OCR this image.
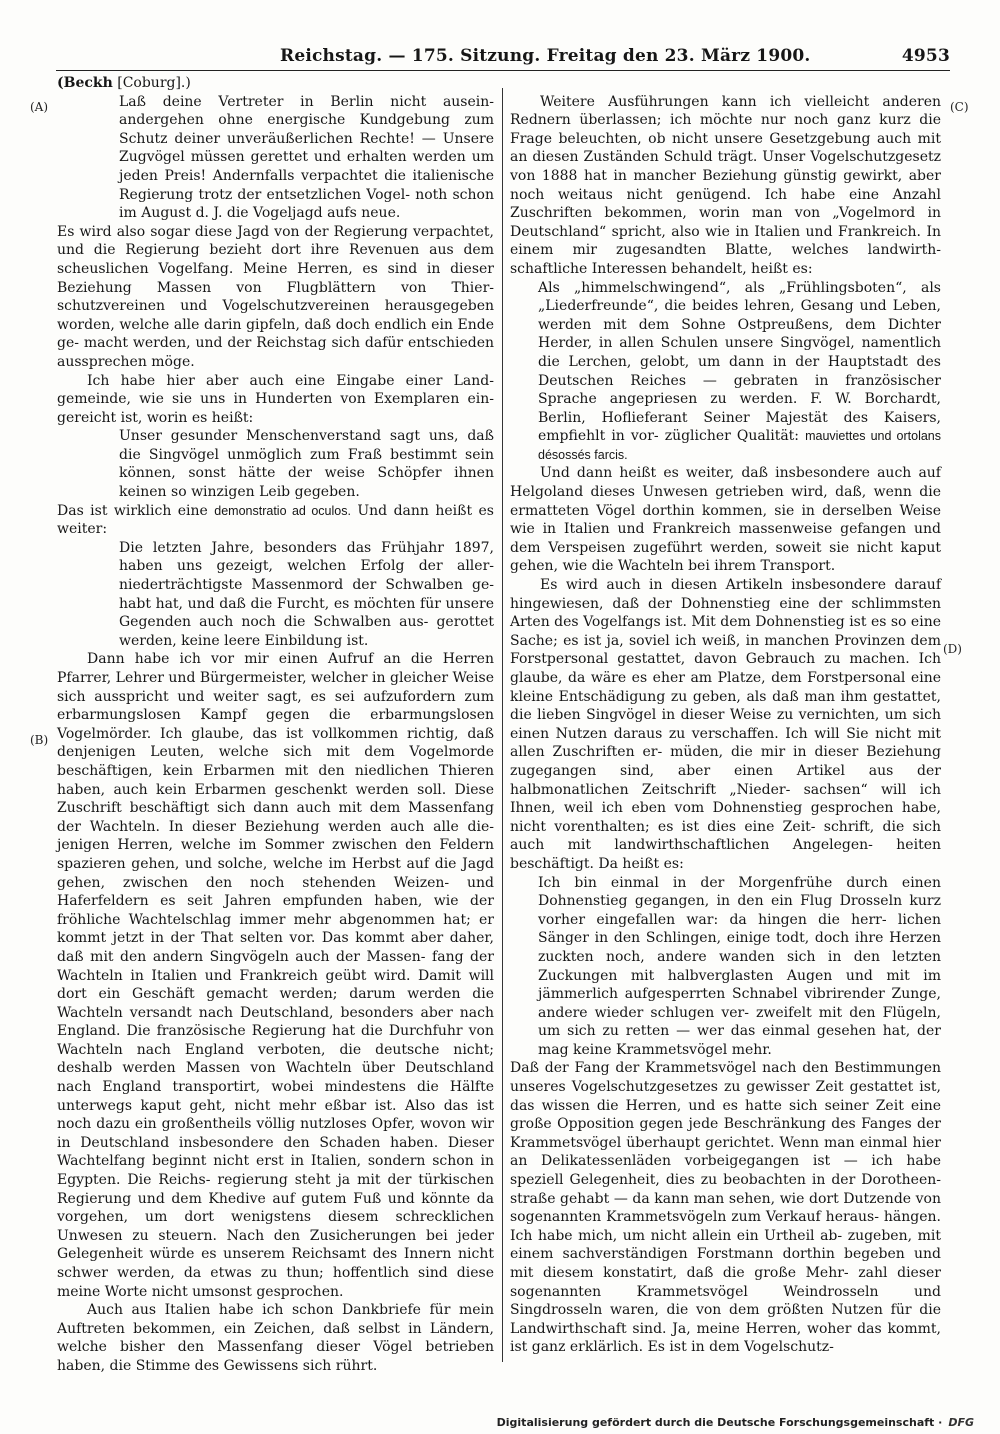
Reichstag. — 175. Sitzung. Freitag den 23. März 1900.	4953
(A)
(B)
(C)
(D)

(Beckh [Coburg].)

Laß deine Vertreter in Berlin nicht ausein- andergehen ohne energische Kundgebung zum Schutz deiner unveräußerlichen Rechte! — Unsere Zugvögel müssen gerettet und erhalten werden um jeden Preis! Andernfalls verpachtet die italienische Regierung trotz der entsetzlichen Vogel- noth schon im August d. J. die Vogeljagd aufs neue.

Es wird also sogar diese Jagd von der Regierung verpachtet, und die Regierung bezieht dort ihre Revenuen aus dem scheuslichen Vogelfang. Meine Herren, es sind in dieser Beziehung Massen von Flugblättern von Thier- schutzvereinen und Vogelschutzvereinen herausgegeben worden, welche alle darin gipfeln, daß doch endlich ein Ende ge- macht werden, und der Reichstag sich dafür entschieden aussprechen möge.

Ich habe hier aber auch eine Eingabe einer Land- gemeinde, wie sie uns in Hunderten von Exemplaren ein- gereicht ist, worin es heißt:

Unser gesunder Menschenverstand sagt uns, daß die Singvögel unmöglich zum Fraß bestimmt sein können, sonst hätte der weise Schöpfer ihnen keinen so winzigen Leib gegeben.

Das ist wirklich eine demonstratio ad oculos. Und dann heißt es weiter:

Die letzten Jahre, besonders das Frühjahr 1897, haben uns gezeigt, welchen Erfolg der aller- niederträchtigste Massenmord der Schwalben ge- habt hat, und daß die Furcht, es möchten für unsere Gegenden auch noch die Schwalben aus- gerottet werden, keine leere Einbildung ist.

Dann habe ich vor mir einen Aufruf an die Herren Pfarrer, Lehrer und Bürgermeister, welcher in gleicher Weise sich ausspricht und weiter sagt, es sei aufzufordern zum erbarmungslosen Kampf gegen die erbarmungslosen Vogelmörder. Ich glaube, das ist vollkommen richtig, daß denjenigen Leuten, welche sich mit dem Vogelmorde beschäftigen, kein Erbarmen mit den niedlichen Thieren haben, auch kein Erbarmen geschenkt werden soll. Diese Zuschrift beschäftigt sich dann auch mit dem Massenfang der Wachteln. In dieser Beziehung werden auch alle die- jenigen Herren, welche im Sommer zwischen den Feldern spazieren gehen, und solche, welche im Herbst auf die Jagd gehen, zwischen den noch stehenden Weizen- und Haferfeldern es seit Jahren empfunden haben, wie der fröhliche Wachtelschlag immer mehr abgenommen hat; er kommt jetzt in der That selten vor. Das kommt aber daher, daß mit den andern Singvögeln auch der Massen- fang der Wachteln in Italien und Frankreich geübt wird. Damit will dort ein Geschäft gemacht werden; darum werden die Wachteln versandt nach Deutschland, besonders aber nach England. Die französische Regierung hat die Durchfuhr von Wachteln nach England verboten, die deutsche nicht; deshalb werden Massen von Wachteln über Deutschland nach England transportirt, wobei mindestens die Hälfte unterwegs kaput geht, nicht mehr eßbar ist. Also das ist noch dazu ein großentheils völlig nutzloses Opfer, wovon wir in Deutschland insbesondere den Schaden haben. Dieser Wachtelfang beginnt nicht erst in Italien, sondern schon in Egypten. Die Reichs- regierung steht ja mit der türkischen Regierung und dem Khedive auf gutem Fuß und könnte da vorgehen, um dort wenigstens diesem schrecklichen Unwesen zu steuern. Nach den Zusicherungen bei jeder Gelegenheit würde es unserem Reichsamt des Innern nicht schwer werden, da etwas zu thun; hoffentlich sind diese meine Worte nicht umsonst gesprochen.

Auch aus Italien habe ich schon Dankbriefe für mein Auftreten bekommen, ein Zeichen, daß selbst in Ländern, welche bisher den Massenfang dieser Vögel betrieben haben, die Stimme des Gewissens sich rührt.

Weitere Ausführungen kann ich vielleicht anderen Rednern überlassen; ich möchte nur noch ganz kurz die Frage beleuchten, ob nicht unsere Gesetzgebung auch mit an diesen Zuständen Schuld trägt. Unser Vogelschutzgesetz von 1888 hat in mancher Beziehung günstig gewirkt, aber noch weitaus nicht genügend. Ich habe eine Anzahl Zuschriften bekommen, worin man von „Vogelmord in Deutschland“ spricht, also wie in Italien und Frankreich. In einem mir zugesandten Blatte, welches landwirth- schaftliche Interessen behandelt, heißt es:

Als „himmelschwingend“, als „Frühlingsboten“, als „Liederfreunde“, die beides lehren, Gesang und Leben, werden mit dem Sohne Ostpreußens, dem Dichter Herder, in allen Schulen unsere Singvögel, namentlich die Lerchen, gelobt, um dann in der Hauptstadt des Deutschen Reiches — gebraten in französischer Sprache angepriesen zu werden. F. W. Borchardt, Berlin, Hoflieferant Seiner Majestät des Kaisers, empfiehlt in vor- züglicher Qualität: mauviettes und ortolans désossés farcis.

Und dann heißt es weiter, daß insbesondere auch auf Helgoland dieses Unwesen getrieben wird, daß, wenn die ermatteten Vögel dorthin kommen, sie in derselben Weise wie in Italien und Frankreich massenweise gefangen und dem Verspeisen zugeführt werden, soweit sie nicht kaput gehen, wie die Wachteln bei ihrem Transport.

Es wird auch in diesen Artikeln insbesondere darauf hingewiesen, daß der Dohnenstieg eine der schlimmsten Arten des Vogelfangs ist. Mit dem Dohnenstieg ist es so eine Sache; es ist ja, soviel ich weiß, in manchen Provinzen dem Forstpersonal gestattet, davon Gebrauch zu machen. Ich glaube, da wäre es eher am Platze, dem Forstpersonal eine kleine Entschädigung zu geben, als daß man ihm gestattet, die lieben Singvögel in dieser Weise zu vernichten, um sich einen Nutzen daraus zu verschaffen. Ich will Sie nicht mit allen Zuschriften er- müden, die mir in dieser Beziehung zugegangen sind, aber einen Artikel aus der halbmonatlichen Zeitschrift „Nieder- sachsen“ will ich Ihnen, weil ich eben vom Dohnenstieg gesprochen habe, nicht vorenthalten; es ist dies eine Zeit- schrift, die sich auch mit landwirthschaftlichen Angelegen- heiten beschäftigt. Da heißt es:

Ich bin einmal in der Morgenfrühe durch einen Dohnenstieg gegangen, in den ein Flug Drosseln kurz vorher eingefallen war: da hingen die herr- lichen Sänger in den Schlingen, einige todt, doch ihre Herzen zuckten noch, andere wanden sich in den letzten Zuckungen mit halbverglasten Augen und mit im jämmerlich aufgesperrten Schnabel vibrirender Zunge, andere wieder schlugen ver- zweifelt mit den Flügeln, um sich zu retten — wer das einmal gesehen hat, der mag keine Krammetsvögel mehr.

Daß der Fang der Krammetsvögel nach den Bestimmungen unseres Vogelschutzgesetzes zu gewisser Zeit gestattet ist, das wissen die Herren, und es hatte sich seiner Zeit eine große Opposition gegen jede Beschränkung des Fanges der Krammetsvögel überhaupt gerichtet. Wenn man einmal hier an Delikatessenläden vorbeigegangen ist — ich habe speziell Gelegenheit, dies zu beobachten in der Dorotheen- straße gehabt — da kann man sehen, wie dort Dutzende von sogenannten Krammetsvögeln zum Verkauf heraus- hängen. Ich habe mich, um nicht allein ein Urtheil ab- zugeben, mit einem sachverständigen Forstmann dorthin begeben und mit diesem konstatirt, daß die große Mehr- zahl dieser sogenannten Krammetsvögel Weindrosseln und Singdrosseln waren, die von dem größten Nutzen für die Landwirthschaft sind. Ja, meine Herren, woher das kommt, ist ganz erklärlich. Es ist in dem Vogelschutz-

Digitalisierung gefördert durch die Deutsche Forschungsgemeinschaft · DFG
